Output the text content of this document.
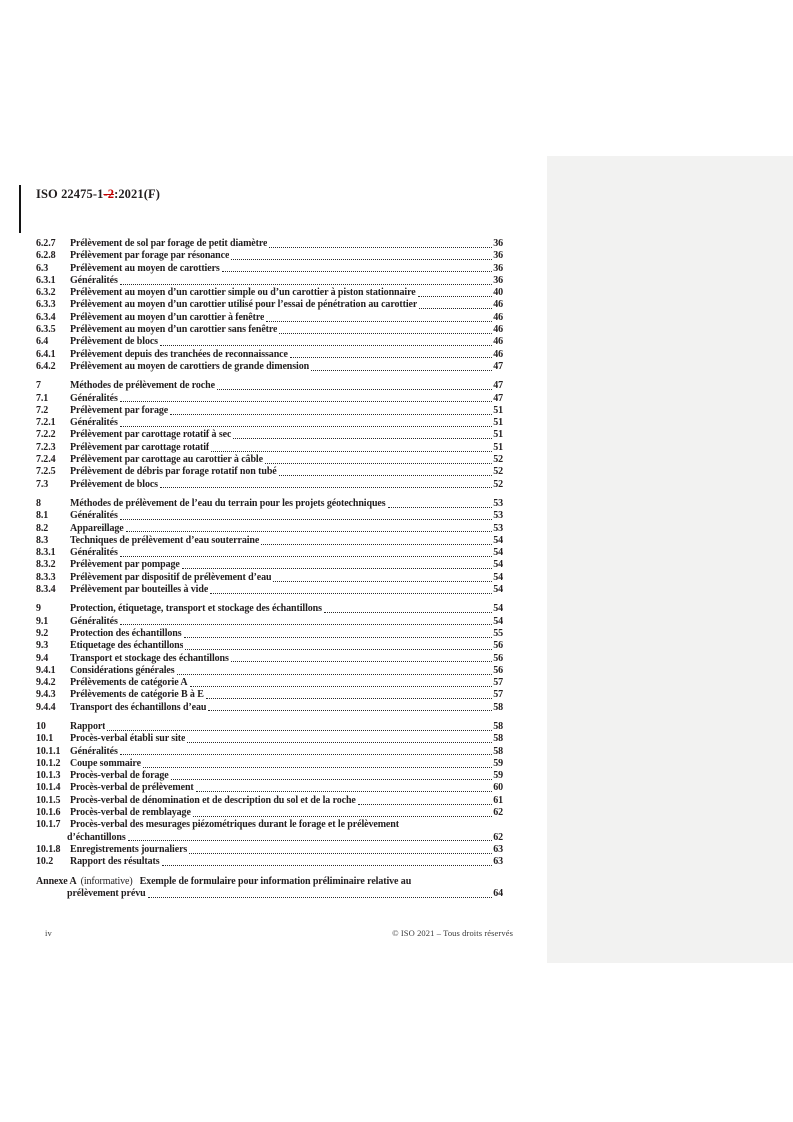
ISO 22475-1-2:2021(F)
6.2.7	Prélèvement de sol par forage de petit diamètre	36
6.2.8	Prélèvement par forage par résonance	36
6.3	Prélèvement au moyen de carottiers	36
6.3.1	Généralités	36
6.3.2	Prélèvement au moyen d’un carottier simple ou d’un carottier à piston stationnaire	40
6.3.3	Prélèvement au moyen d’un carottier utilisé pour l’essai de pénétration au carottier	46
6.3.4	Prélèvement au moyen d’un carottier à fenêtre	46
6.3.5	Prélèvement au moyen d’un carottier sans fenêtre	46
6.4	Prélèvement de blocs	46
6.4.1	Prélèvement depuis des tranchées de reconnaissance	46
6.4.2	Prélèvement au moyen de carottiers de grande dimension	47
7	Méthodes de prélèvement de roche	47
7.1	Généralités	47
7.2	Prélèvement par forage	51
7.2.1	Généralités	51
7.2.2	Prélèvement par carottage rotatif à sec	51
7.2.3	Prélèvement par carottage rotatif	51
7.2.4	Prélèvement par carottage au carottier à câble	52
7.2.5	Prélèvement de débris par forage rotatif non tubé	52
7.3	Prélèvement de blocs	52
8	Méthodes de prélèvement de l’eau du terrain pour les projets géotechniques	53
8.1	Généralités	53
8.2	Appareillage	53
8.3	Techniques de prélèvement d’eau souterraine	54
8.3.1	Généralités	54
8.3.2	Prélèvement par pompage	54
8.3.3	Prélèvement par dispositif de prélèvement d’eau	54
8.3.4	Prélèvement par bouteilles à vide	54
9	Protection, étiquetage, transport et stockage des échantillons	54
9.1	Généralités	54
9.2	Protection des échantillons	55
9.3	Étiquetage des échantillons	56
9.4	Transport et stockage des échantillons	56
9.4.1	Considérations générales	56
9.4.2	Prélèvements de catégorie A	57
9.4.3	Prélèvements de catégorie B à E	57
9.4.4	Transport des échantillons d’eau	58
10	Rapport	58
10.1	Procès-verbal établi sur site	58
10.1.1 Généralités	58
10.1.2 Coupe sommaire	59
10.1.3 Procès-verbal de forage	59
10.1.4 Procès-verbal de prélèvement	60
10.1.5 Procès-verbal de dénomination et de description du sol et de la roche	61
10.1.6 Procès-verbal de remblayage	62
10.1.7 Procès-verbal des mesurages piézométriques durant le forage et le prélèvement
d’échantillons	62
10.1.8 Enregistrements journaliers	63
10.2	Rapport des résultats	63
Annexe A (informative) Exemple de formulaire pour information préliminaire relative au
prélèvement prévu	64
iv	© ISO 2021 – Tous droits réservés
